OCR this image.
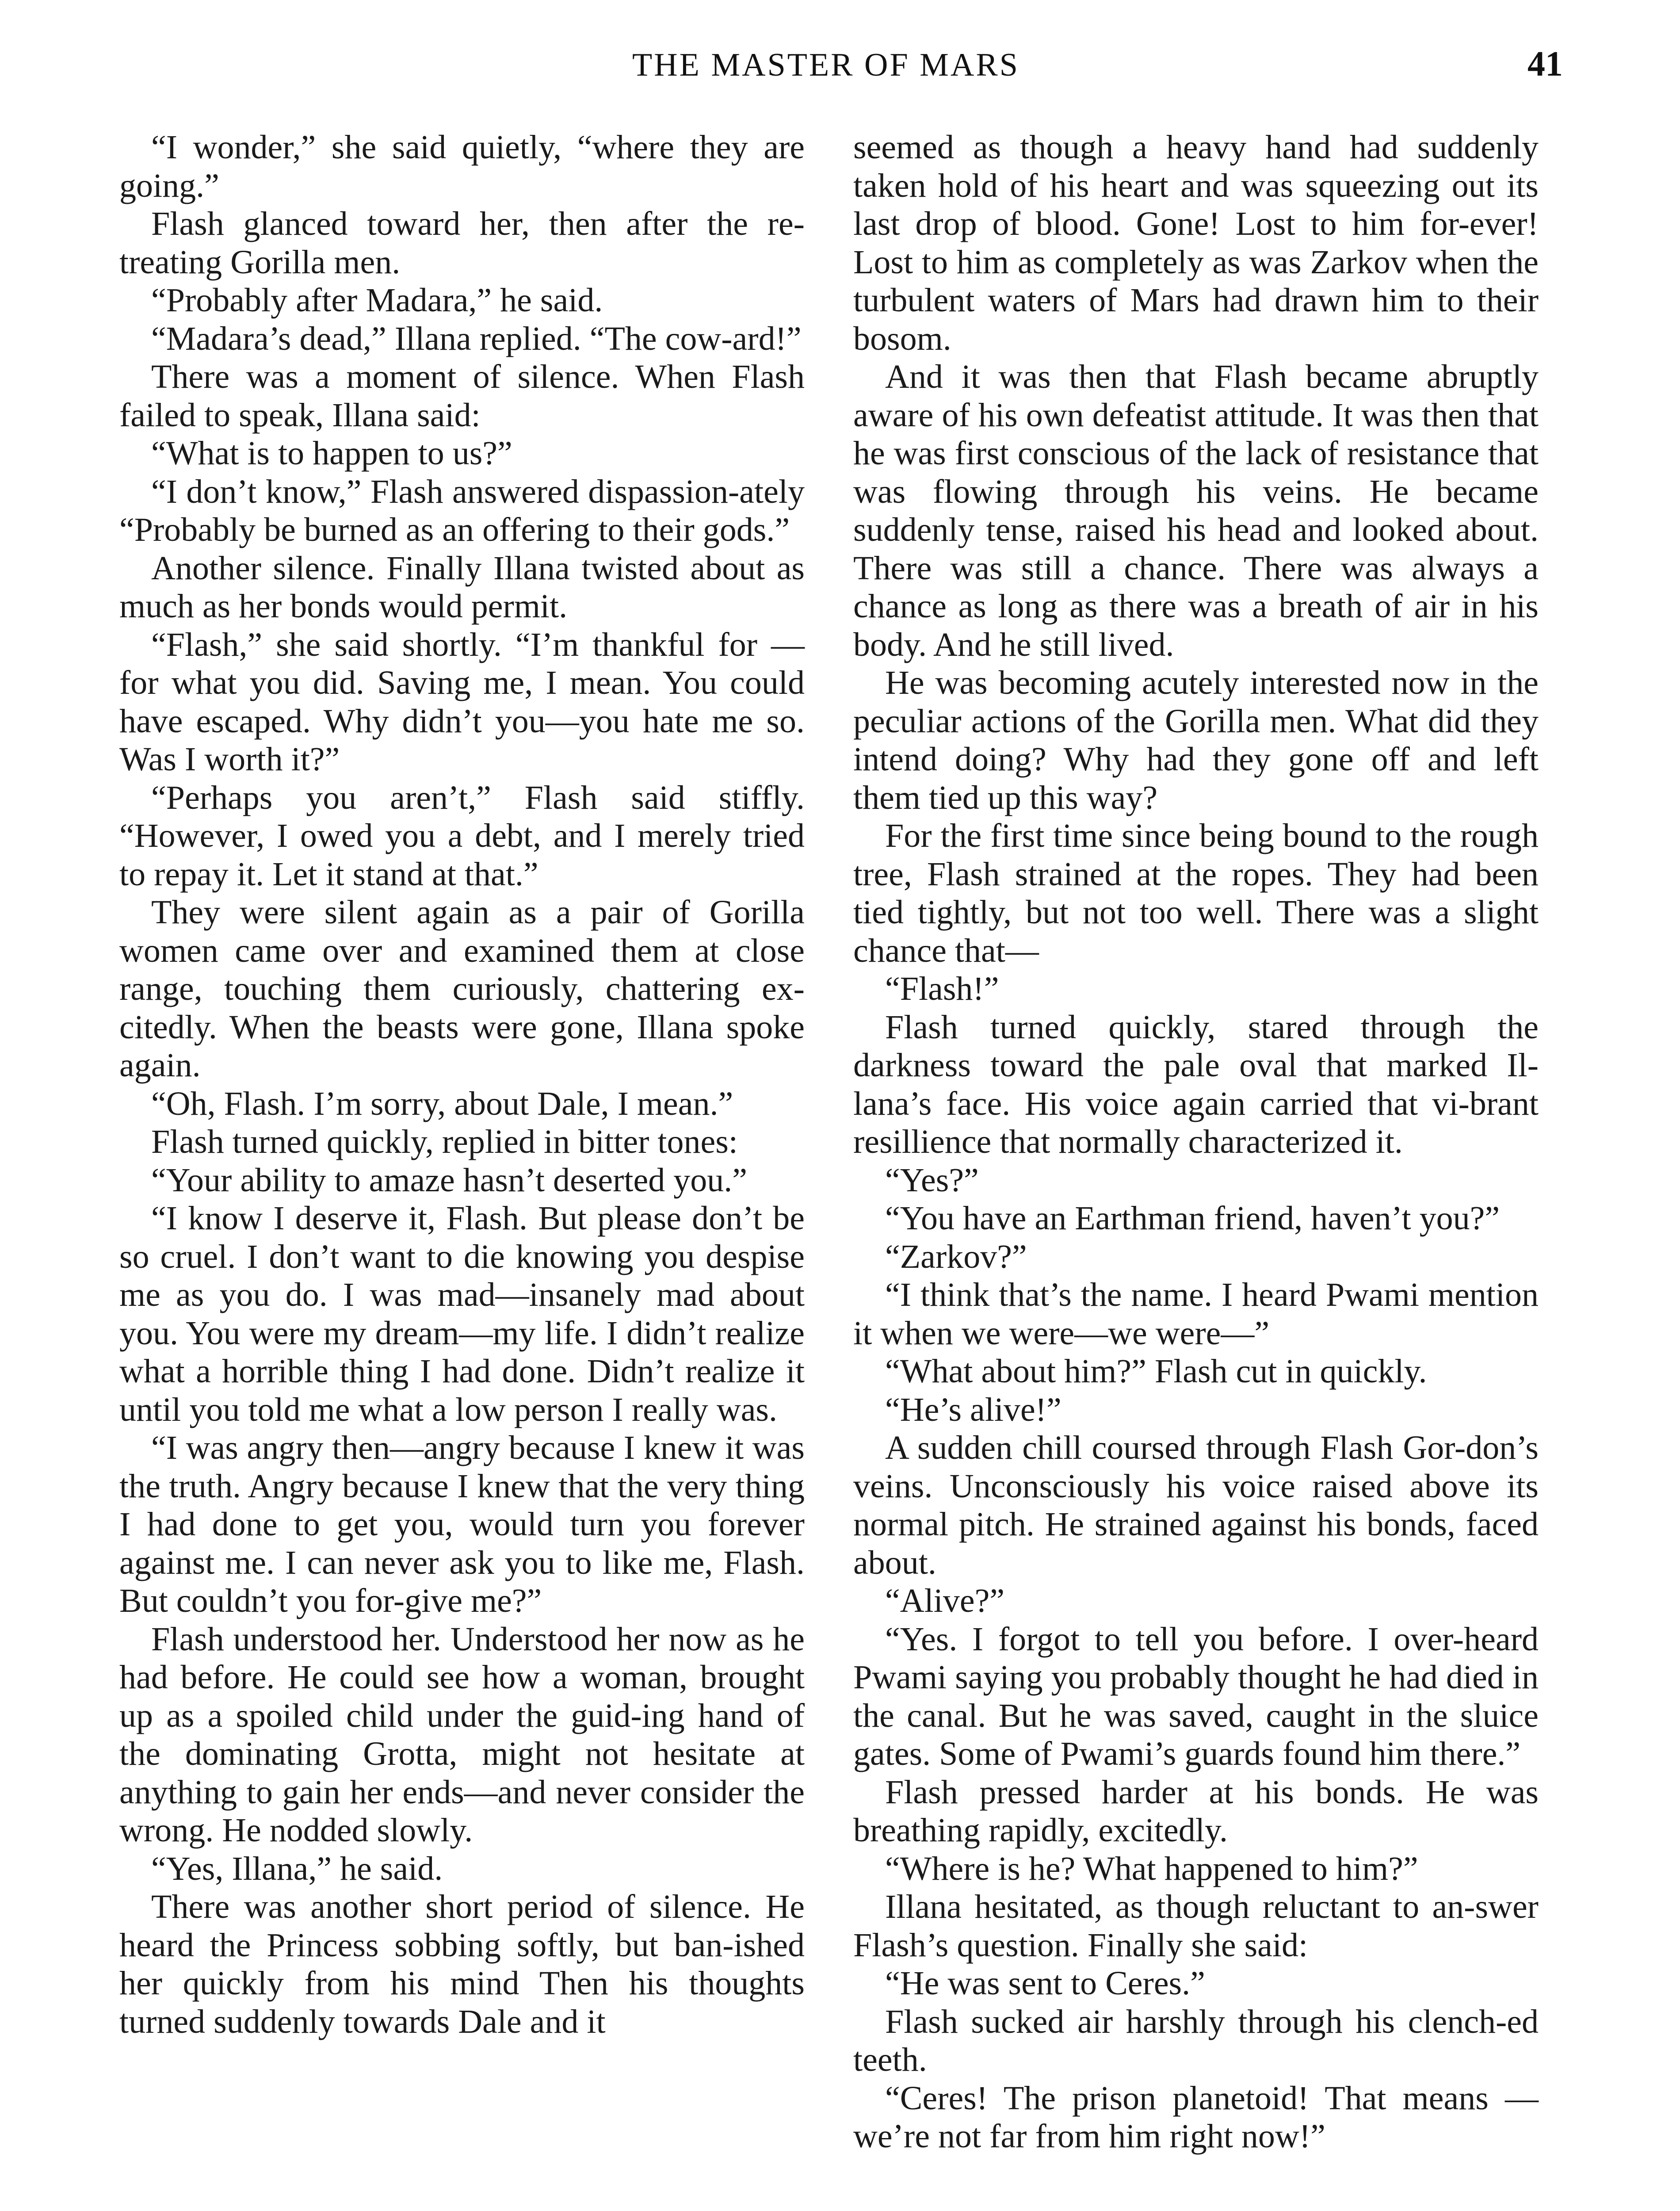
THE MASTER OF MARS	41

“I wonder,” she said quietly, “where they are going.”

Flash glanced toward her, then after the re-treating Gorilla men.

“Probably after Madara,” he said.

“Madara’s dead,” Illana replied. “The cow-ard!”

There was a moment of silence. When Flash failed to speak, Illana said:

“What is to happen to us?”

“I don’t know,” Flash answered dispassion-ately “Probably be burned as an offering to their gods.”

Another silence. Finally Illana twisted about as much as her bonds would permit.

“Flash,” she said shortly. “I’m thankful for —for what you did. Saving me, I mean. You could have escaped. Why didn’t you—you hate me so. Was I worth it?”

“Perhaps you aren’t,” Flash said stiffly. “However, I owed you a debt, and I merely tried to repay it. Let it stand at that.”

They were silent again as a pair of Gorilla women came over and examined them at close range, touching them curiously, chattering ex-citedly. When the beasts were gone, Illana spoke again.

“Oh, Flash. I’m sorry, about Dale, I mean.”

Flash turned quickly, replied in bitter tones:

“Your ability to amaze hasn’t deserted you.”

“I know I deserve it, Flash. But please don’t be so cruel. I don’t want to die knowing you despise me as you do. I was mad—insanely mad about you. You were my dream—my life. I didn’t realize what a horrible thing I had done. Didn’t realize it until you told me what a low person I really was.

“I was angry then—angry because I knew it was the truth. Angry because I knew that the very thing I had done to get you, would turn you forever against me. I can never ask you to like me, Flash. But couldn’t you for-give me?”

Flash understood her. Understood her now as he had before. He could see how a woman, brought up as a spoiled child under the guid-ing hand of the dominating Grotta, might not hesitate at anything to gain her ends—and never consider the wrong. He nodded slowly.

“Yes, Illana,” he said.

There was another short period of silence. He heard the Princess sobbing softly, but ban-ished her quickly from his mind Then his thoughts turned suddenly towards Dale and it

seemed as though a heavy hand had suddenly taken hold of his heart and was squeezing out its last drop of blood. Gone! Lost to him for-ever! Lost to him as completely as was Zarkov when the turbulent waters of Mars had drawn him to their bosom.

And it was then that Flash became abruptly aware of his own defeatist attitude. It was then that he was first conscious of the lack of resistance that was flowing through his veins. He became suddenly tense, raised his head and looked about. There was still a chance. There was always a chance as long as there was a breath of air in his body. And he still lived.

He was becoming acutely interested now in the peculiar actions of the Gorilla men. What did they intend doing? Why had they gone off and left them tied up this way?

For the first time since being bound to the rough tree, Flash strained at the ropes. They had been tied tightly, but not too well. There was a slight chance that—

“Flash!”

Flash turned quickly, stared through the darkness toward the pale oval that marked Il-lana’s face. His voice again carried that vi-brant resillience that normally characterized it.

“Yes?”

“You have an Earthman friend, haven’t you?”

“Zarkov?”

“I think that’s the name. I heard Pwami mention it when we were—we were—”

“What about him?” Flash cut in quickly.

“He’s alive!”

A sudden chill coursed through Flash Gor-don’s veins. Unconsciously his voice raised above its normal pitch. He strained against his bonds, faced about.

“Alive?”

“Yes. I forgot to tell you before. I over-heard Pwami saying you probably thought he had died in the canal. But he was saved, caught in the sluice gates. Some of Pwami’s guards found him there.”

Flash pressed harder at his bonds. He was breathing rapidly, excitedly.

“Where is he? What happened to him?”

Illana hesitated, as though reluctant to an-swer Flash’s question. Finally she said:

“He was sent to Ceres.”

Flash sucked air harshly through his clench-ed teeth.

“Ceres! The prison planetoid! That means —we’re not far from him right now!”
